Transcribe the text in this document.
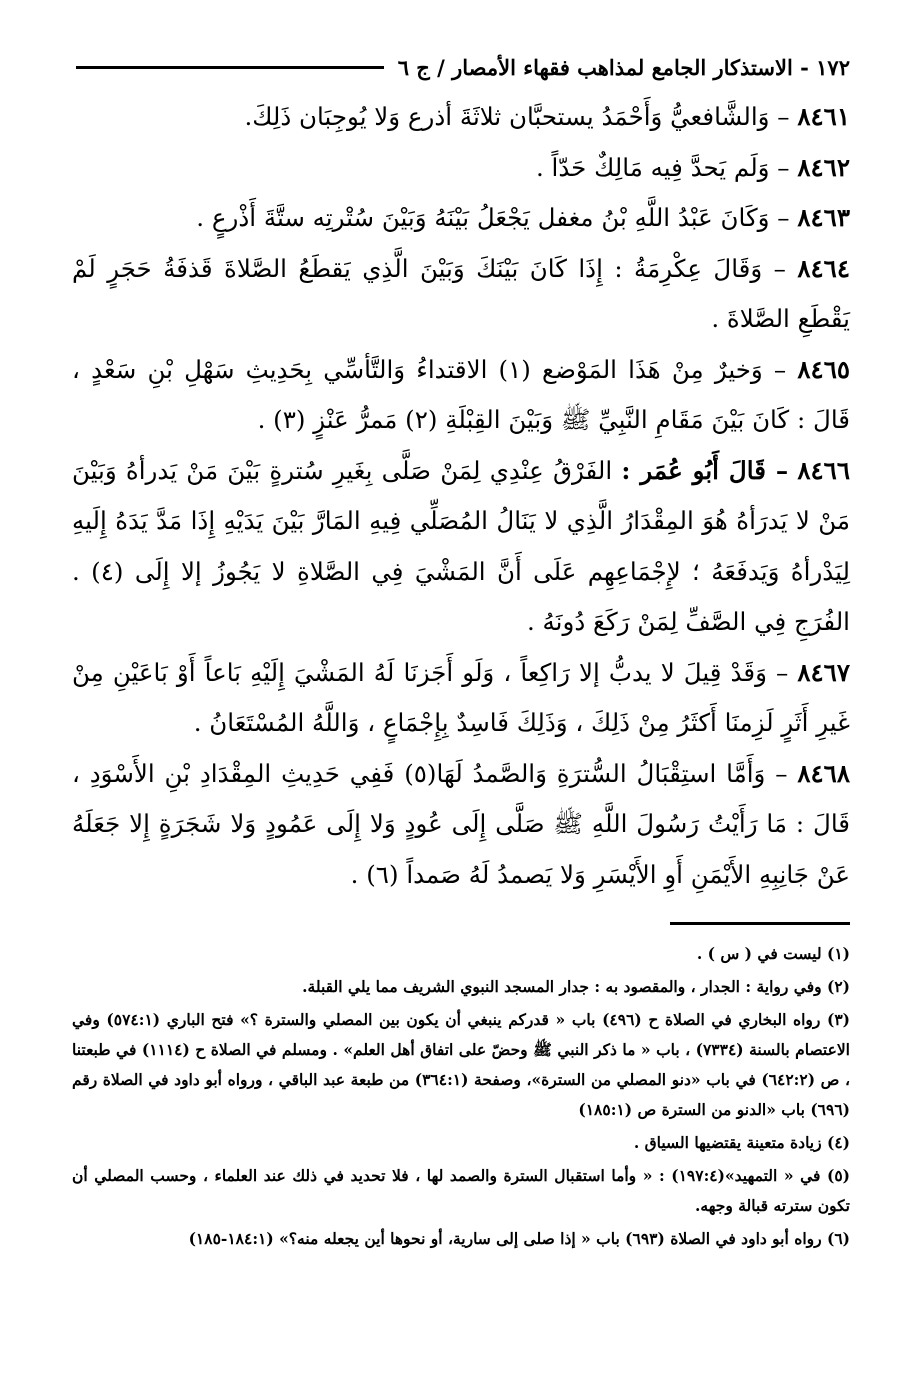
١٧٢ - الاستذكار الجامع لمذاهب فقهاء الأمصار / ج ٦

٨٤٦١ – وَالشَّافعيُّ وَأَحْمَدُ يستحبَّان ثلاثَةَ أذرع وَلا يُوجِبَان ذَلِكَ.

٨٤٦٢ – وَلَم يَحدَّ فِيه مَالِكٌ حَدّاً .

٨٤٦٣ – وَكَانَ عَبْدُ اللَّهِ بْنُ مغفل يَجْعَلُ بَيْنَهُ وَبَيْنَ سُتْرتِه ستَّةَ أَذْرعٍ .

٨٤٦٤ – وَقَالَ عِكْرِمَةُ : إِذَا كَانَ بَيْنَكَ وَبَيْنَ الَّذِي يَقطَعُ الصَّلاةَ قَذفَةُ حَجَرٍ لَمْ يَقْطَعِ الصَّلاةَ .

٨٤٦٥ – وَخيرٌ مِنْ هَذَا المَوْضع (١) الاقتداءُ وَالتَّأسِّي بِحَدِيثِ سَهْلِ بْنِ سَعْدٍ ، قَالَ : كَانَ بَيْنَ مَقَامِ النَّبِيِّ ﷺ وَبَيْنَ القِبْلَةِ (٢) مَمرُّ عَنْزٍ (٣) .

٨٤٦٦ – قَالَ أَبُو عُمَر : الفَرْقُ عِنْدِي لِمَنْ صَلَّى بِغَيرِ سُترةٍ بَيْنَ مَنْ يَدرأهُ وَبَيْنَ مَنْ لا يَدرَأهُ هُوَ المِقْدَارُ الَّذِي لا يَنَالُ المُصَلِّي فِيهِ المَارَّ بَيْنَ يَدَيْهِ إِذَا مَدَّ يَدَهُ إِلَيهِ لِيَدْرأهُ وَيَدفَعَهُ ؛ لإِجْمَاعِهِم عَلَى أَنَّ المَشْيَ فِي الصَّلاةِ لا يَجُوزُ إلا إِلَى (٤) . الفُرَجِ فِي الصَّفِّ لِمَنْ رَكَعَ دُونَهُ .

٨٤٦٧ – وَقَدْ قِيلَ لا يدبُّ إلا رَاكِعاً ، وَلَو أَجَزنَا لَهُ المَشْيَ إِلَيْهِ بَاعاً أَوْ بَاعَيْنِ مِنْ غَيرِ أَثَرٍ لَزِمنَا أَكثَرُ مِنْ ذَلِكَ ، وَذَلِكَ فَاسِدٌ بِإِجْمَاعٍ ، وَاللَّهُ المُسْتَعَانُ .

٨٤٦٨ – وَأَمَّا استِقْبَالُ السُّترَةِ وَالصَّمدُ لَهَا(٥) فَفِي حَدِيثِ المِقْدَادِ بْنِ الأَسْوَدِ ، قَالَ : مَا رَأَيْتُ رَسُولَ اللَّهِ ﷺ صَلَّى إِلَى عُودٍ وَلا إِلَى عَمُودٍ وَلا شَجَرَةٍ إِلا جَعَلَهُ عَنْ جَانِبِهِ الأَيْمَنِ أَوِ الأَيْسَرِ وَلا يَصمدُ لَهُ صَمداً (٦) .

(١) ليست في ( س ) .

(٢) وفي رواية : الجدار ، والمقصود به : جدار المسجد النبوي الشريف مما يلي القبلة.

(٣) رواه البخاري في الصلاة ح (٤٩٦) باب « قدركم ينبغي أن يكون بين المصلي والسترة ؟» فتح الباري (٥٧٤:١) وفي الاعتصام بالسنة (٧٣٣٤) ، باب « ما ذكر النبي ﷺ وحضّ على اتفاق أهل العلم» . ومسلم في الصلاة ح (١١١٤) في طبعتنا ، ص (٦٤٢:٢) في باب «دنو المصلي من السترة»، وصفحة (٣٦٤:١) من طبعة عبد الباقي ، ورواه أبو داود في الصلاة رقم (٦٩٦) باب «الدنو من السترة ص (١٨٥:١)

(٤) زيادة متعينة يقتضيها السياق .

(٥) في « التمهيد»(١٩٧:٤) : « وأما استقبال السترة والصمد لها ، فلا تحديد في ذلك عند العلماء ، وحسب المصلي أن تكون سترته قبالة وجهه.

(٦) رواه أبو داود في الصلاة (٦٩٣) باب « إذا صلى إلى سارية، أو نحوها أين يجعله منه؟» (١٨٤:١-١٨٥)
